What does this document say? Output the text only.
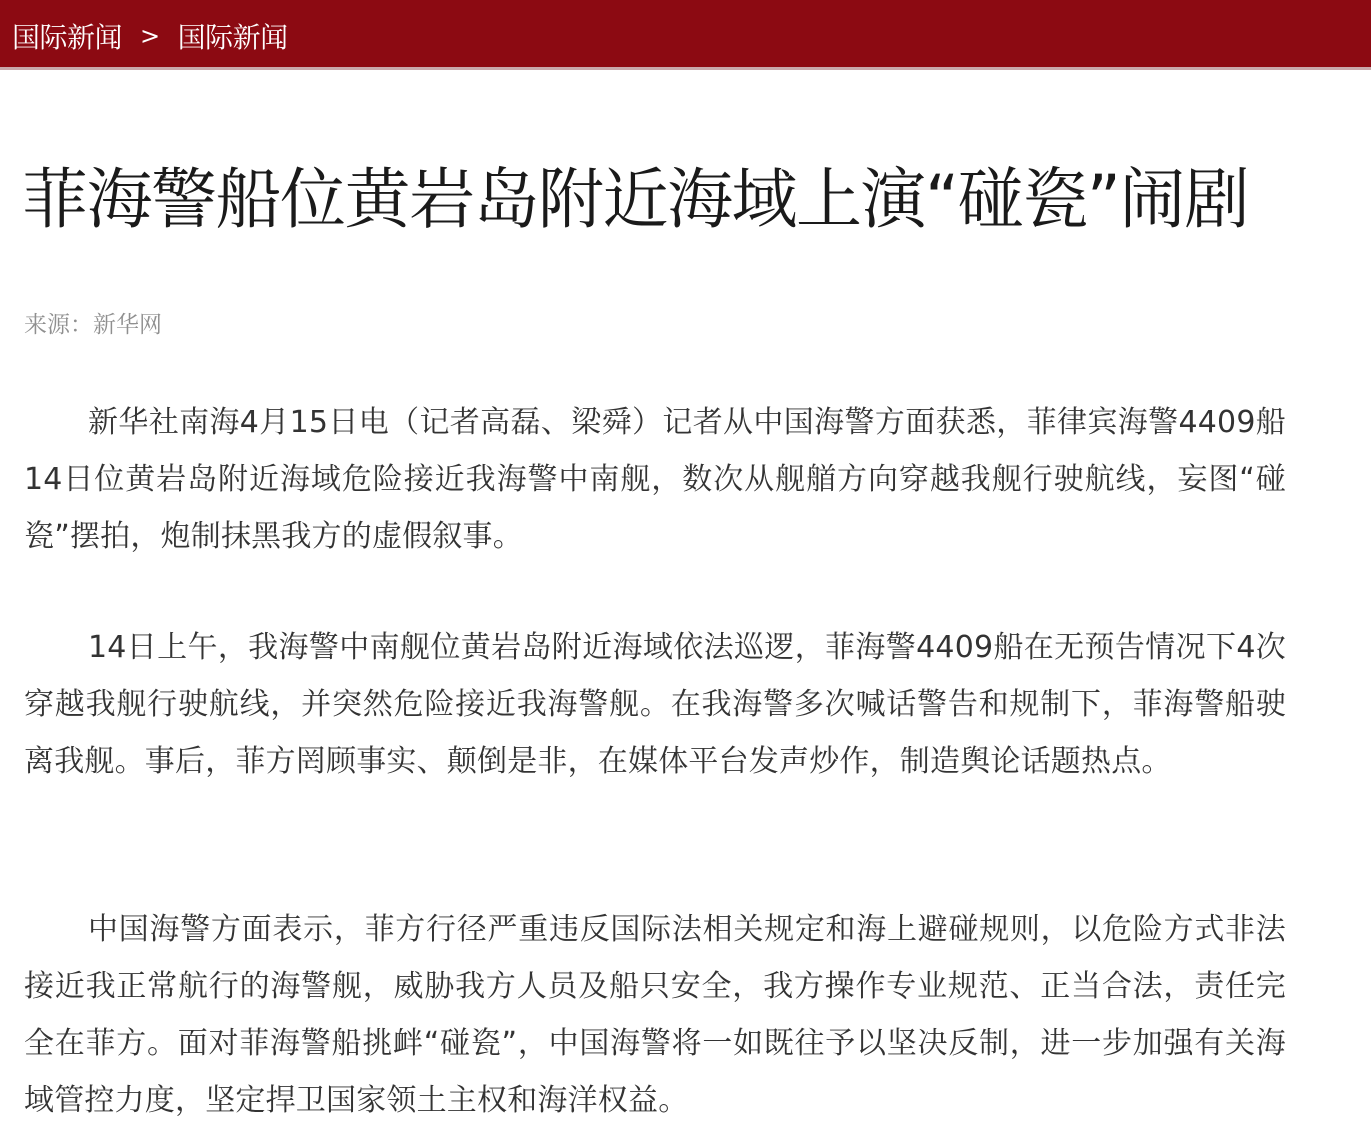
国际新闻 > 国际新闻
菲海警船位黄岩岛附近海域上演“碰瓷”闹剧
来源：新华网

新华社南海4月15日电（记者高磊、梁舜）记者从中国海警方面获悉，菲律宾海警4409船14日位黄岩岛附近海域危险接近我海警中南舰，数次从舰艏方向穿越我舰行驶航线，妄图“碰瓷”摆拍，炮制抹黑我方的虚假叙事。

14日上午，我海警中南舰位黄岩岛附近海域依法巡逻，菲海警4409船在无预告情况下4次穿越我舰行驶航线，并突然危险接近我海警舰。在我海警多次喊话警告和规制下，菲海警船驶离我舰。事后，菲方罔顾事实、颠倒是非，在媒体平台发声炒作，制造舆论话题热点。

中国海警方面表示，菲方行径严重违反国际法相关规定和海上避碰规则，以危险方式非法接近我正常航行的海警舰，威胁我方人员及船只安全，我方操作专业规范、正当合法，责任完全在菲方。面对菲海警船挑衅“碰瓷”，中国海警将一如既往予以坚决反制，进一步加强有关海域管控力度，坚定捍卫国家领土主权和海洋权益。
